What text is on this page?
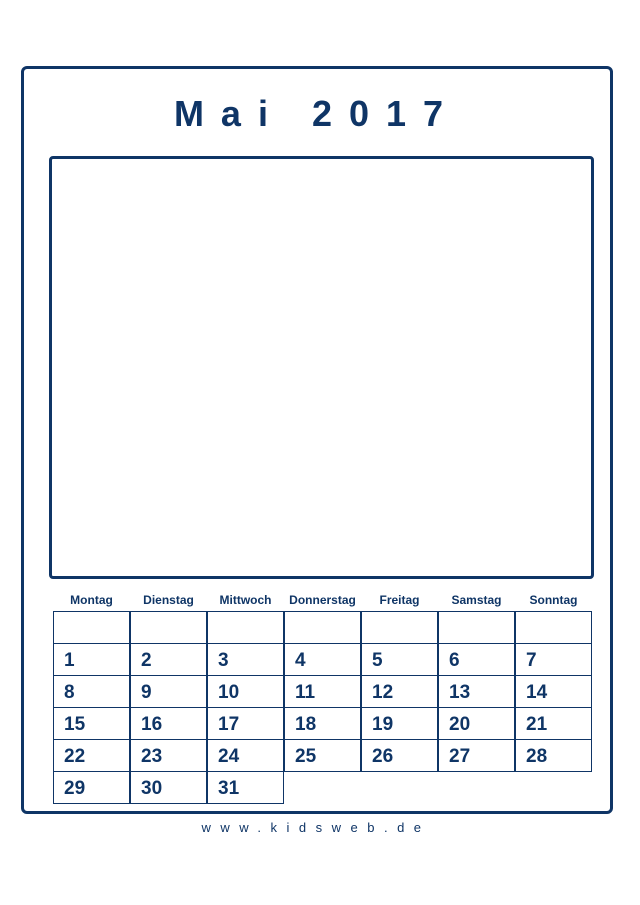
Mai 2017
Montag	Dienstag	Mittwoch	Donnerstag	Freitag	Samstag	Sonntag
1	2	3	4	5	6	7
8	9	10	11	12	13	14
15	16	17	18	19	20	21
22	23	24	25	26	27	28
29	30	31
www.kidsweb.de
